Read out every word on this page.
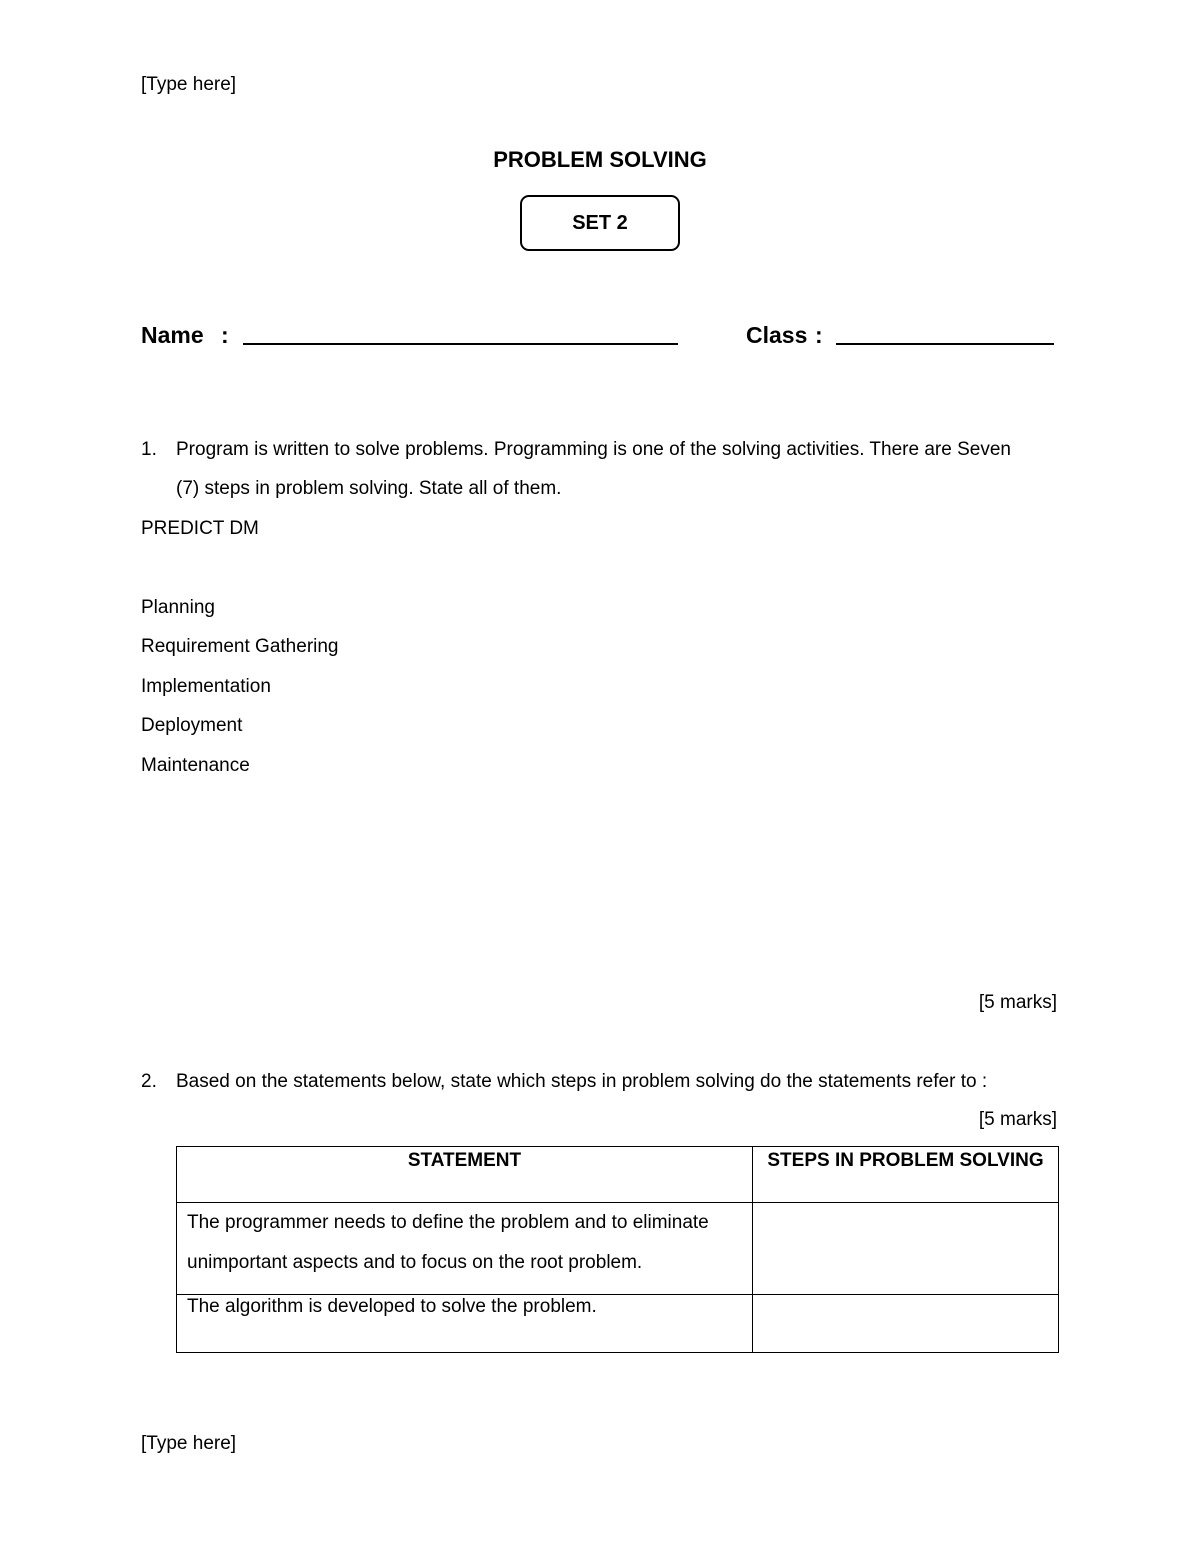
[Type here]
PROBLEM SOLVING
SET 2
Name :	Class :
1. Program is written to solve problems. Programming is one of the solving activities. There are Seven
(7) steps in problem solving. State all of them.
PREDICT DM
Planning
Requirement Gathering
Implementation
Deployment
Maintenance
[5 marks]
2. Based on the statements below, state which steps in problem solving do the statements refer to :
[5 marks]
STATEMENT	STEPS IN PROBLEM SOLVING

The programmer needs to define the problem and to eliminate
unimportant aspects and to focus on the root problem.	

The algorithm is developed to solve the problem.	

[Type here]
